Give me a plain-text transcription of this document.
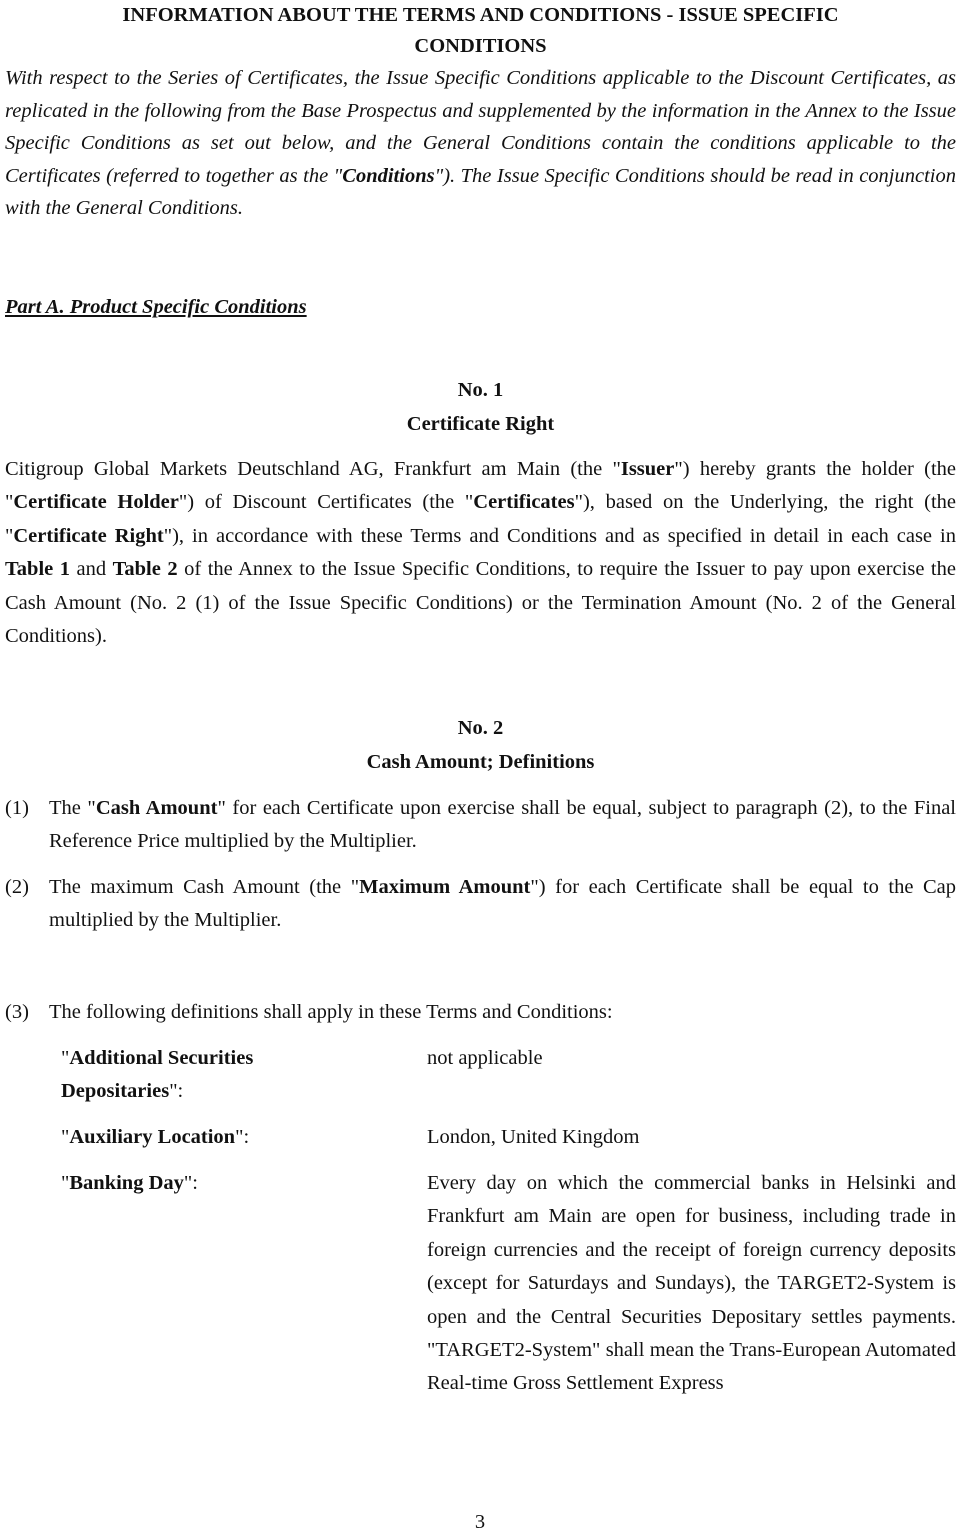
INFORMATION ABOUT THE TERMS AND CONDITIONS - ISSUE SPECIFIC
CONDITIONS

With respect to the Series of Certificates, the Issue Specific Conditions applicable to the Discount Certificates, as replicated in the following from the Base Prospectus and supplemented by the information in the Annex to the Issue Specific Conditions as set out below, and the General Conditions contain the conditions applicable to the Certificates (referred to together as the "Conditions"). The Issue Specific Conditions should be read in conjunction with the General Conditions.

Part A. Product Specific Conditions

No. 1

Certificate Right

Citigroup Global Markets Deutschland AG, Frankfurt am Main (the "Issuer") hereby grants the holder (the "Certificate Holder") of Discount Certificates (the "Certificates"), based on the Underlying, the right (the "Certificate Right"), in accordance with these Terms and Conditions and as specified in detail in each case in Table 1 and Table 2 of the Annex to the Issue Specific Conditions, to require the Issuer to pay upon exercise the Cash Amount (No. 2 (1) of the Issue Specific Conditions) or the Termination Amount (No. 2 of the General Conditions).

No. 2

Cash Amount; Definitions

(1) The "Cash Amount" for each Certificate upon exercise shall be equal, subject to paragraph (2), to the Final Reference Price multiplied by the Multiplier.
(2) The maximum Cash Amount (the "Maximum Amount") for each Certificate shall be equal to the Cap multiplied by the Multiplier.
(3) The following definitions shall apply in these Terms and Conditions:
"Additional Securities Depositaries":
not applicable
"Auxiliary Location":	London, United Kingdom
"Banking Day":	Every day on which the commercial banks in Helsinki and Frankfurt am Main are open for business, including trade in foreign currencies and the receipt of foreign currency deposits (except for Saturdays and Sundays), the TARGET2-System is open and the Central Securities Depositary settles payments. "TARGET2-System" shall mean the Trans-European Automated Real-time Gross Settlement Express
3
